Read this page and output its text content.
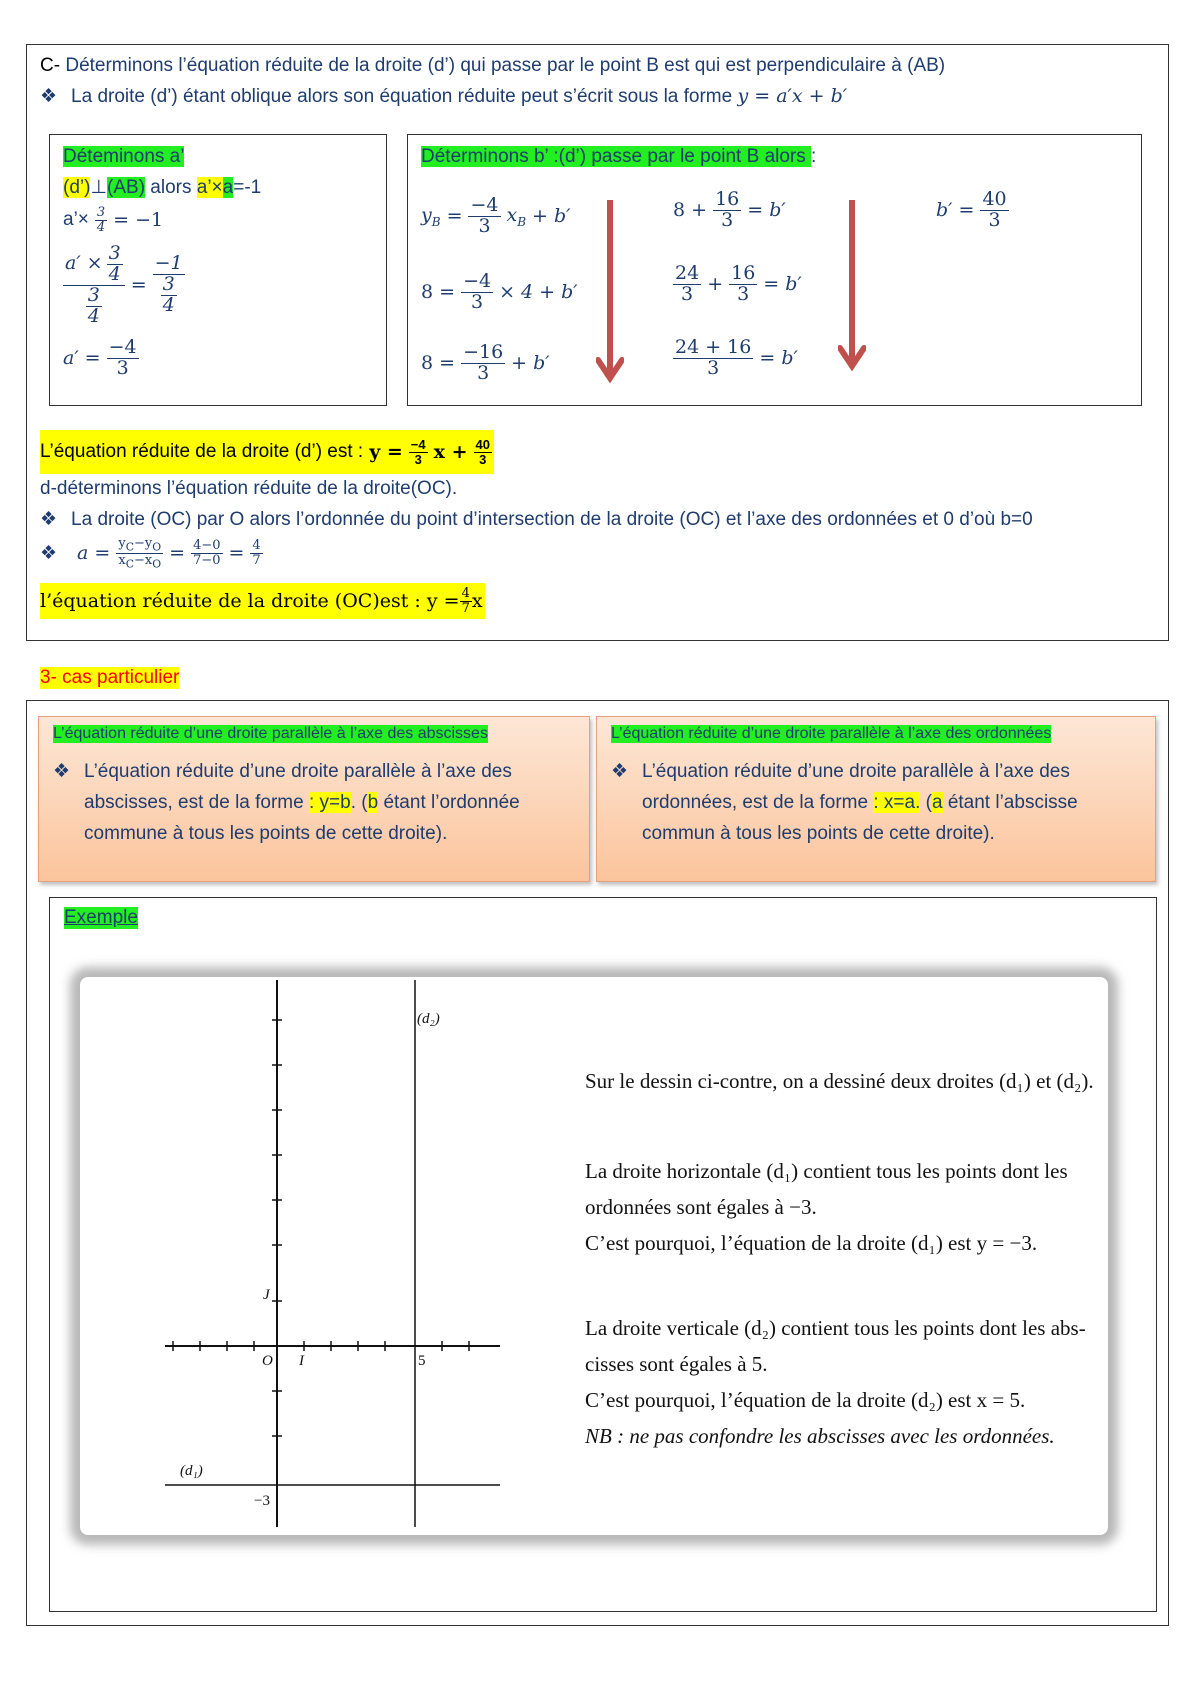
C- Déterminons l’équation réduite de la droite (d’) qui passe par le point B est qui est perpendiculaire à (AB)
❖ La droite (d’) étant oblique alors son équation réduite peut s’écrit sous la forme y = a′x + b′
Déteminons a’
(d’)⊥(AB) alors a’×a=-1
a’× $\frac{3}{4} = -1$
$\frac{a' \times \frac{3}{4}}{\frac{3}{4}} = \frac{-1}{\frac{3}{4}}$
$a' = \frac{-4}{3}$
Déterminons b’ :(d’) passe par le point B alors :
$y_B = \frac{-4}{3} x_B + b'$
$8 = \frac{-4}{3} \times 4 + b'$
$8 = \frac{-16}{3} + b'$
$8 + \frac{16}{3} = b'$
$\frac{24}{3} + \frac{16}{3} = b'$
$\frac{24 + 16}{3} = b'$
$b' = \frac{40}{3}$
L’équation réduite de la droite (d’) est : $y = \frac{-4}{3}$ $x + \frac{40}{3}$
d-déterminons l’équation réduite de la droite(OC).
❖ La droite (OC) par O alors l’ordonnée du point d’intersection de la droite (OC) et l’axe des ordonnées et 0 d’où b=0
❖ $a = \frac{y_C-y_O}{x_C-x_O} = \frac{4-0}{7-0} = \frac{4}{7}$
l’équation réduite de la droite (OC)est : $y = \frac{4}{7}$ x
3- cas particulier
L’équation réduite d’une droite parallèle à l’axe des abscisses

❖ L’équation réduite d’une droite parallèle à l’axe des abscisses, est de la forme : y=b. (b étant l’ordonnée commune à tous les points de cette droite).

L’équation réduite d’une droite parallèle à l’axe des ordonnées

❖ L’équation réduite d’une droite parallèle à l’axe des ordonnées, est de la forme : x=a. (a étant l’abscisse commun à tous les points de cette droite).

Exemple
(d₂)
(d₁)
J
O I	5
−3
Sur le dessin ci-contre, on a dessiné deux droites (d₁) et (d₂).
La droite horizontale (d₁) contient tous les points dont les
ordonnées sont égales à −3.
C’est pourquoi, l’équation de la droite (d₁) est y = −3.
La droite verticale (d₂) contient tous les points dont les abs-
cisses sont égales à 5.
C’est pourquoi, l’équation de la droite (d₂) est x = 5.
NB : ne pas confondre les abscisses avec les ordonnées.
